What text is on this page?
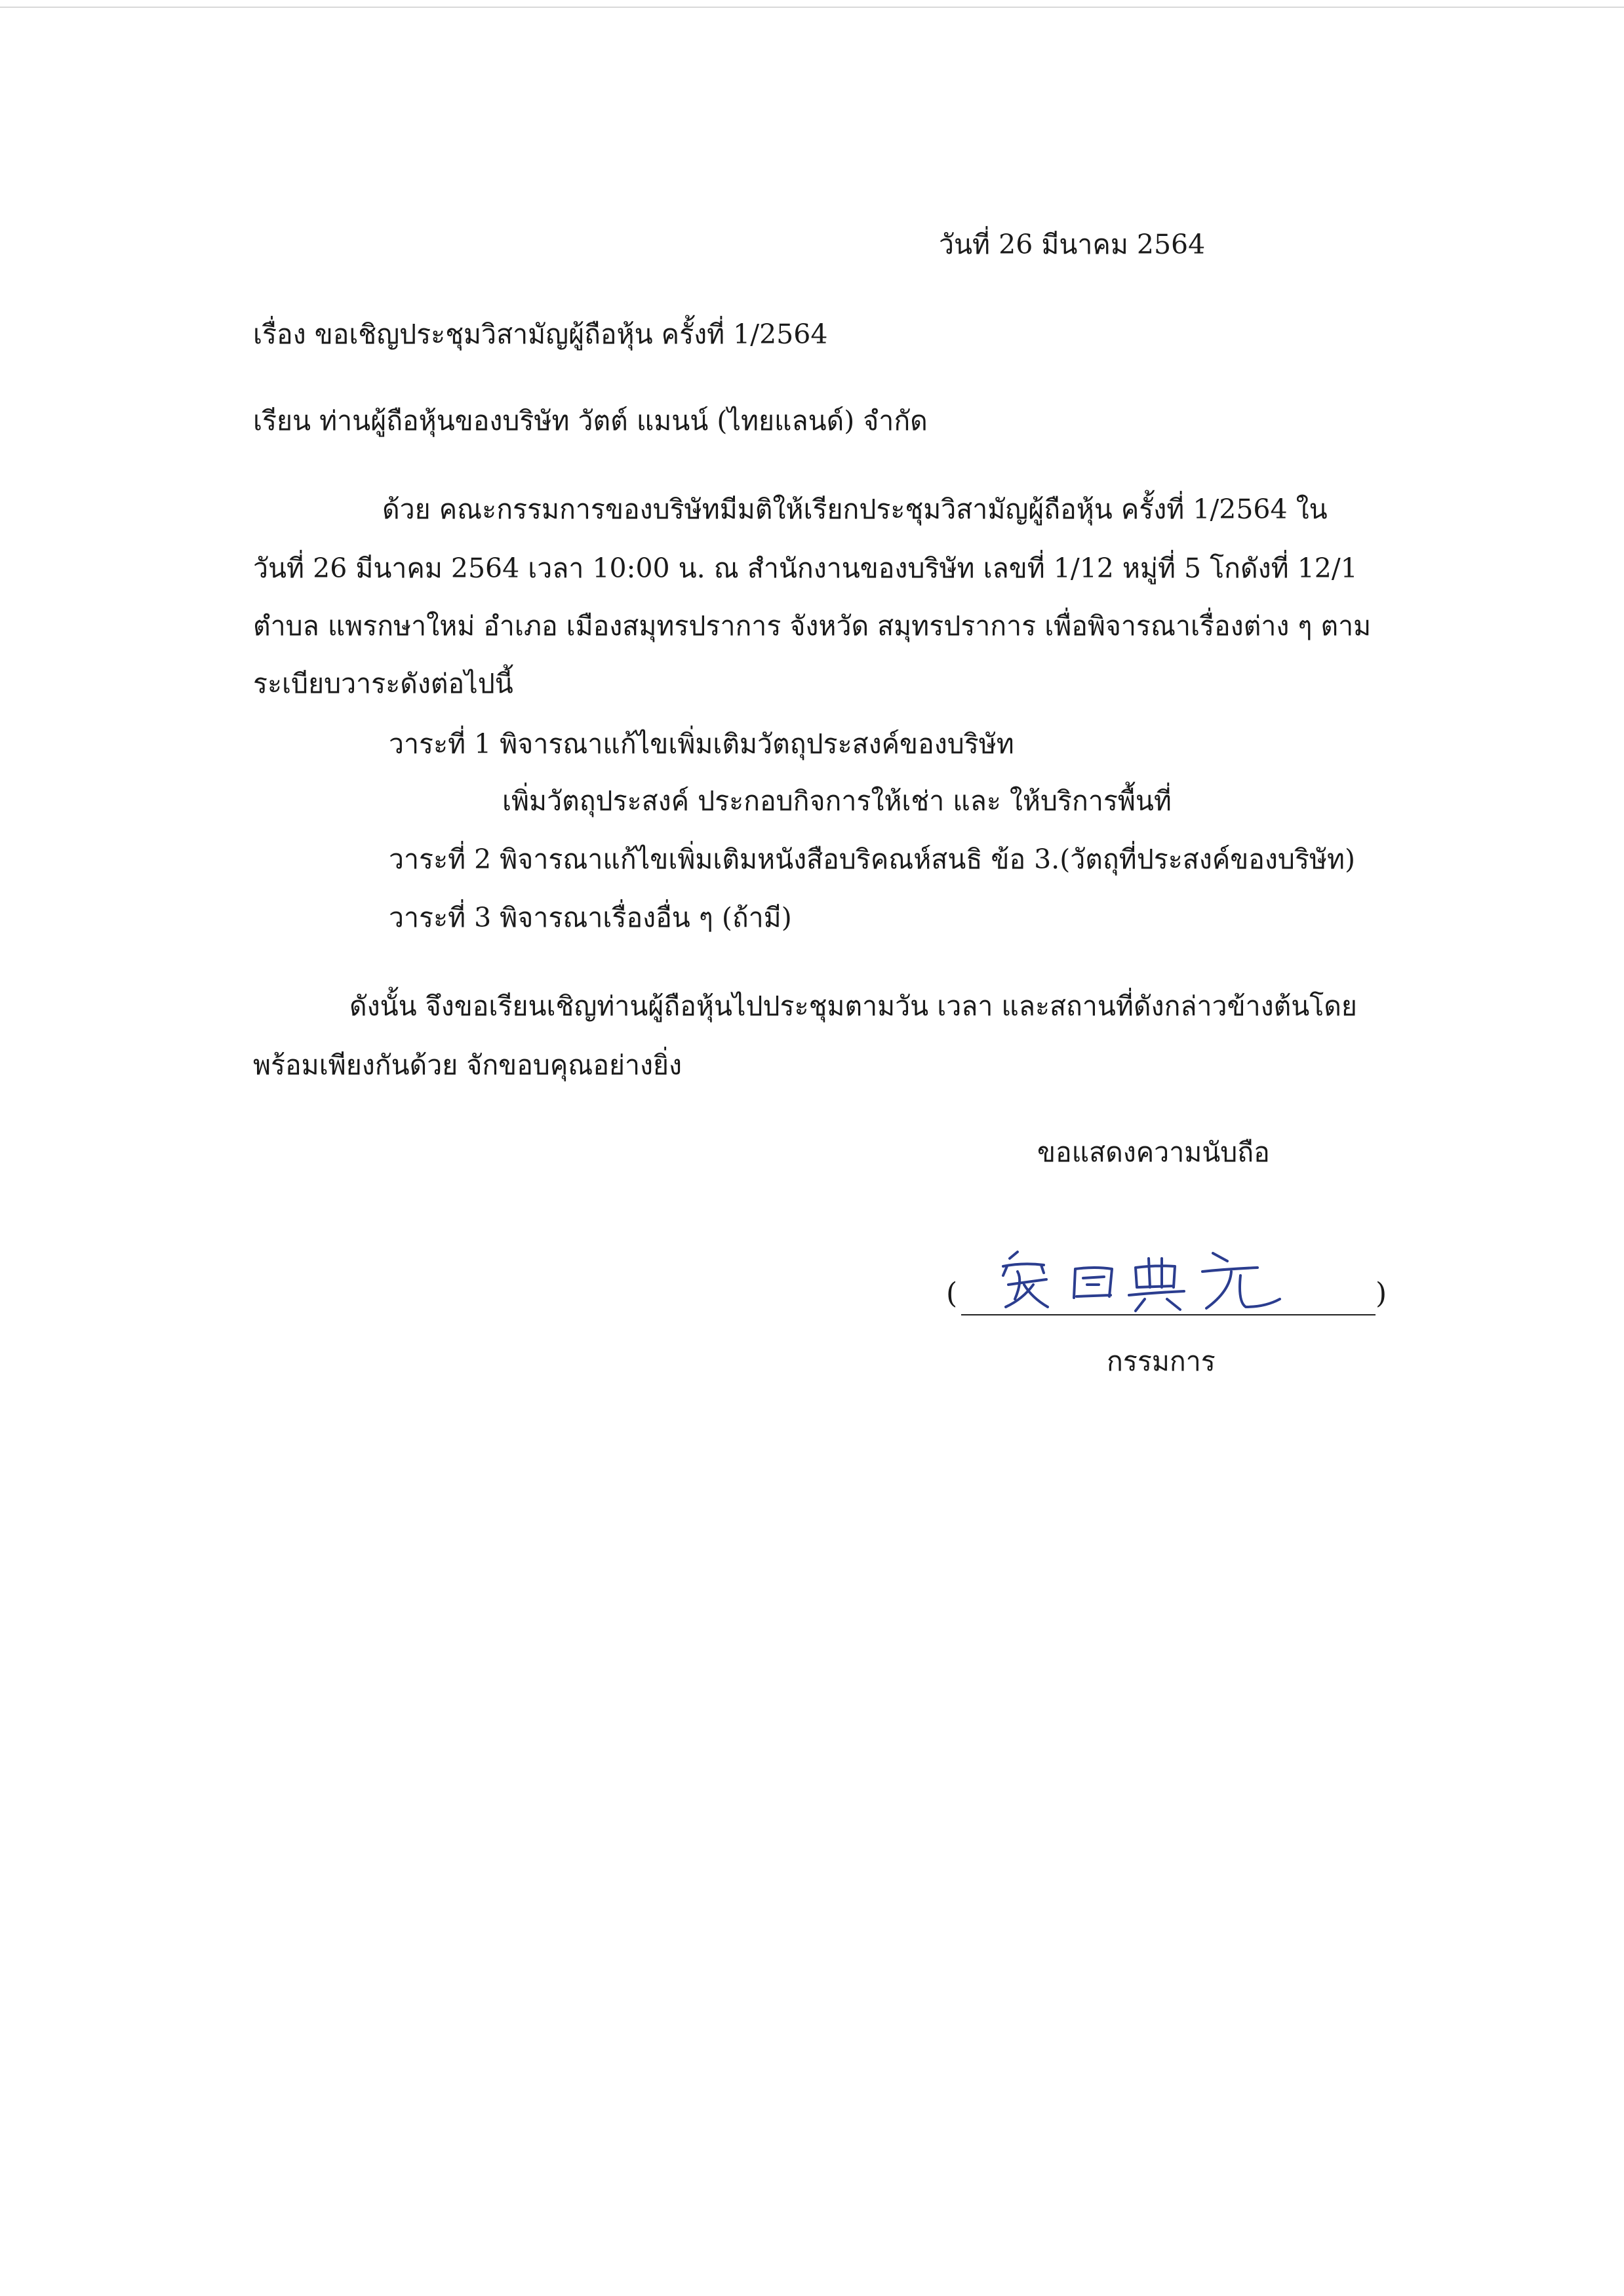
วันที่ 26 มีนาคม 2564
เรื่อง ขอเชิญประชุมวิสามัญผู้ถือหุ้น ครั้งที่ 1/2564
เรียน ท่านผู้ถือหุ้นของบริษัท วัตต์ แมนน์ (ไทยแลนด์) จำกัด
ด้วย คณะกรรมการของบริษัทมีมติให้เรียกประชุมวิสามัญผู้ถือหุ้น ครั้งที่ 1/2564 ใน
วันที่ 26 มีนาคม 2564 เวลา 10:00 น. ณ สำนักงานของบริษัท เลขที่ 1/12 หมู่ที่ 5 โกดังที่ 12/1
ตำบล แพรกษาใหม่ อำเภอ เมืองสมุทรปราการ จังหวัด สมุทรปราการ เพื่อพิจารณาเรื่องต่าง ๆ ตาม
ระเบียบวาระดังต่อไปนี้
วาระที่ 1 พิจารณาแก้ไขเพิ่มเติมวัตถุประสงค์ของบริษัท
เพิ่มวัตถุประสงค์ ประกอบกิจการให้เช่า และ ให้บริการพื้นที่
วาระที่ 2 พิจารณาแก้ไขเพิ่มเติมหนังสือบริคณห์สนธิ ข้อ 3.(วัตถุที่ประสงค์ของบริษัท)
วาระที่ 3 พิจารณาเรื่องอื่น ๆ (ถ้ามี)
ดังนั้น จึงขอเรียนเชิญท่านผู้ถือหุ้นไปประชุมตามวัน เวลา และสถานที่ดังกล่าวข้างต้นโดย
พร้อมเพียงกันด้วย จักขอบคุณอย่างยิ่ง
ขอแสดงความนับถือ
(	)
กรรมการ
